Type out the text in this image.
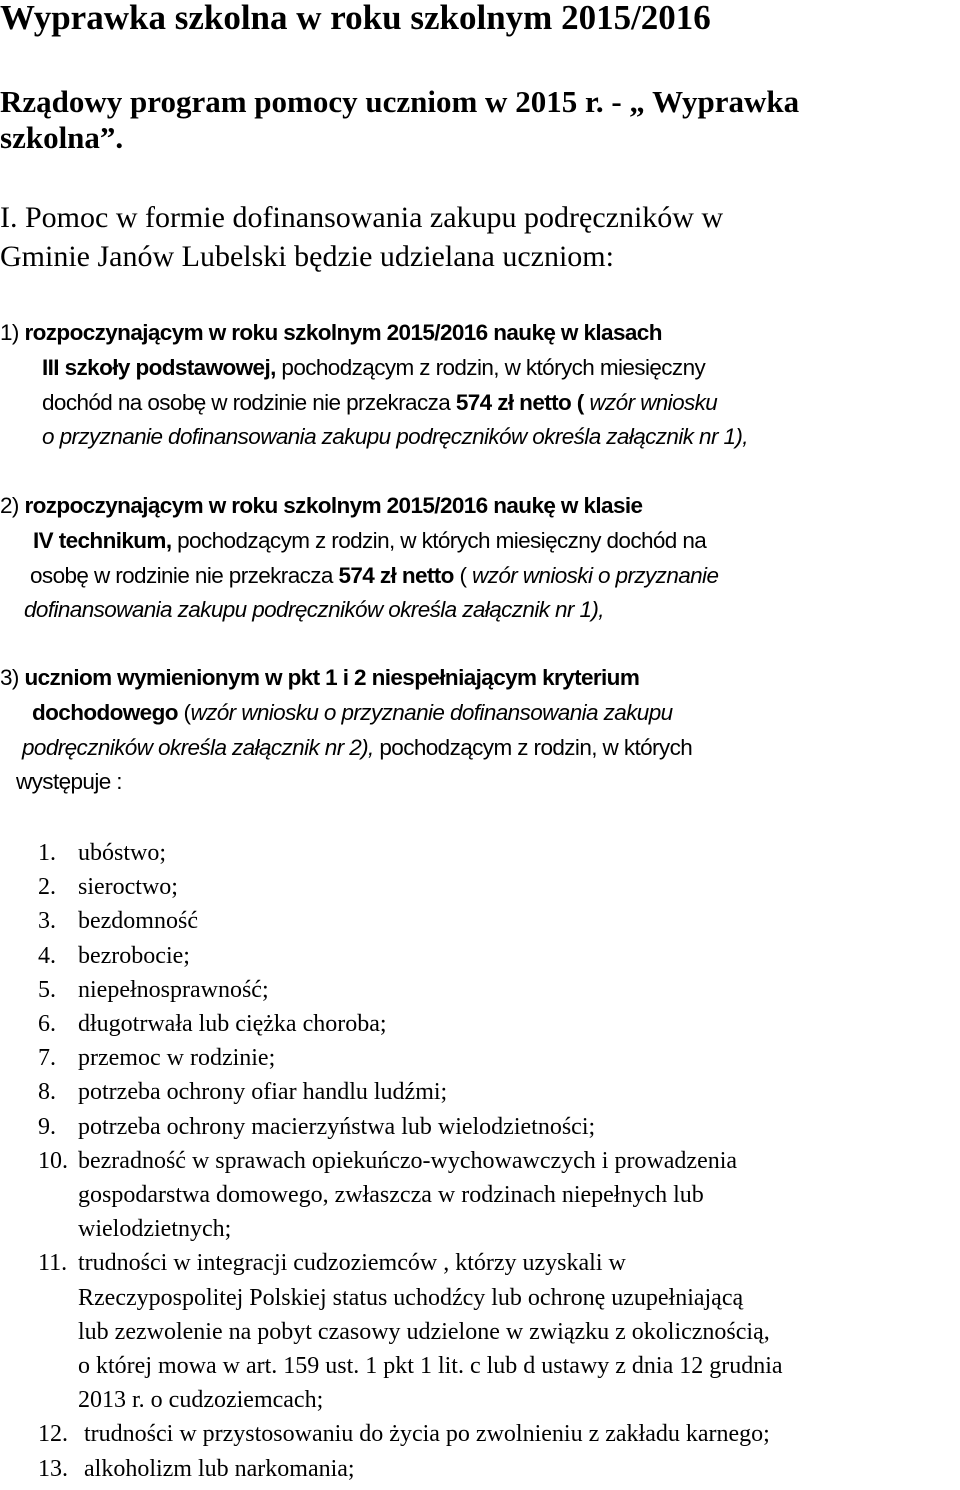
Wyprawka szkolna w roku szkolnym 2015/2016
Rządowy program pomocy uczniom w 2015 r. - „ Wyprawka
szkolna”.
I. Pomoc w formie dofinansowania zakupu podręczników w
Gminie Janów Lubelski będzie udzielana uczniom:
1) rozpoczynającym w roku szkolnym 2015/2016 naukę w klasach
III szkoły podstawowej, pochodzącym z rodzin, w których miesięczny
dochód na osobę w rodzinie nie przekracza 574 zł netto ( wzór wniosku
o przyznanie dofinansowania zakupu podręczników określa załącznik nr 1),
2) rozpoczynającym w roku szkolnym 2015/2016 naukę w klasie
IV technikum, pochodzącym z rodzin, w których miesięczny dochód na
osobę w rodzinie nie przekracza 574 zł netto ( wzór wnioski o przyznanie
dofinansowania zakupu podręczników określa załącznik nr 1),
3) uczniom wymienionym w pkt 1 i 2 niespełniającym kryterium
dochodowego (wzór wniosku o przyznanie dofinansowania zakupu
podręczników określa załącznik nr 2), pochodzącym z rodzin, w których
występuje :
1. ubóstwo;
2. sieroctwo;
3. bezdomność
4. bezrobocie;
5. niepełnosprawność;
6. długotrwała lub ciężka choroba;
7. przemoc w rodzinie;
8. potrzeba ochrony ofiar handlu ludźmi;
9. potrzeba ochrony macierzyństwa lub wielodzietności;
10. bezradność w sprawach opiekuńczo-wychowawczych i prowadzenia
gospodarstwa domowego, zwłaszcza w rodzinach niepełnych lub
wielodzietnych;
11. trudności w integracji cudzoziemców , którzy uzyskali w
Rzeczypospolitej Polskiej status uchodźcy lub ochronę uzupełniającą
lub zezwolenie na pobyt czasowy udzielone w związku z okolicznością,
o której mowa w art. 159 ust. 1 pkt 1 lit. c lub d ustawy z dnia 12 grudnia
2013 r. o cudzoziemcach;
12. trudności w przystosowaniu do życia po zwolnieniu z zakładu karnego;
13. alkoholizm lub narkomania;
